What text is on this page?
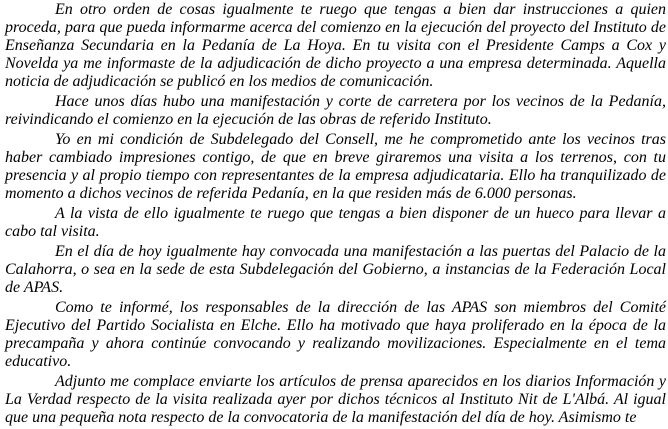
En otro orden de cosas igualmente te ruego que tengas a bien dar instrucciones a quien proceda, para que pueda informarme acerca del comienzo en la ejecución del proyecto del Instituto de Enseñanza Secundaria en la Pedanía de La Hoya. En tu visita con el Presidente Camps a Cox y Novelda ya me informaste de la adjudicación de dicho proyecto a una empresa determinada. Aquella noticia de adjudicación se publicó en los medios de comunicación.

Hace unos días hubo una manifestación y corte de carretera por los vecinos de la Pedanía, reivindicando el comienzo en la ejecución de las obras de referido Instituto.

Yo en mi condición de Subdelegado del Consell, me he comprometido ante los vecinos tras haber cambiado impresiones contigo, de que en breve giraremos una visita a los terrenos, con tu presencia y al propio tiempo con representantes de la empresa adjudicataria. Ello ha tranquilizado de momento a dichos vecinos de referida Pedanía, en la que residen más de 6.000 personas.

A la vista de ello igualmente te ruego que tengas a bien disponer de un hueco para llevar a cabo tal visita.

En el día de hoy igualmente hay convocada una manifestación a las puertas del Palacio de la Calahorra, o sea en la sede de esta Subdelegación del Gobierno, a instancias de la Federación Local de APAS.

Como te informé, los responsables de la dirección de las APAS son miembros del Comité Ejecutivo del Partido Socialista en Elche. Ello ha motivado que haya proliferado en la época de la precampaña y ahora continúe convocando y realizando movilizaciones. Especialmente en el tema educativo.

Adjunto me complace enviarte los artículos de prensa aparecidos en los diarios Información y La Verdad respecto de la visita realizada ayer por dichos técnicos al Instituto Nit de L'Albá. Al igual que una pequeña nota respecto de la convocatoria de la manifestación del día de hoy. Asimismo te
